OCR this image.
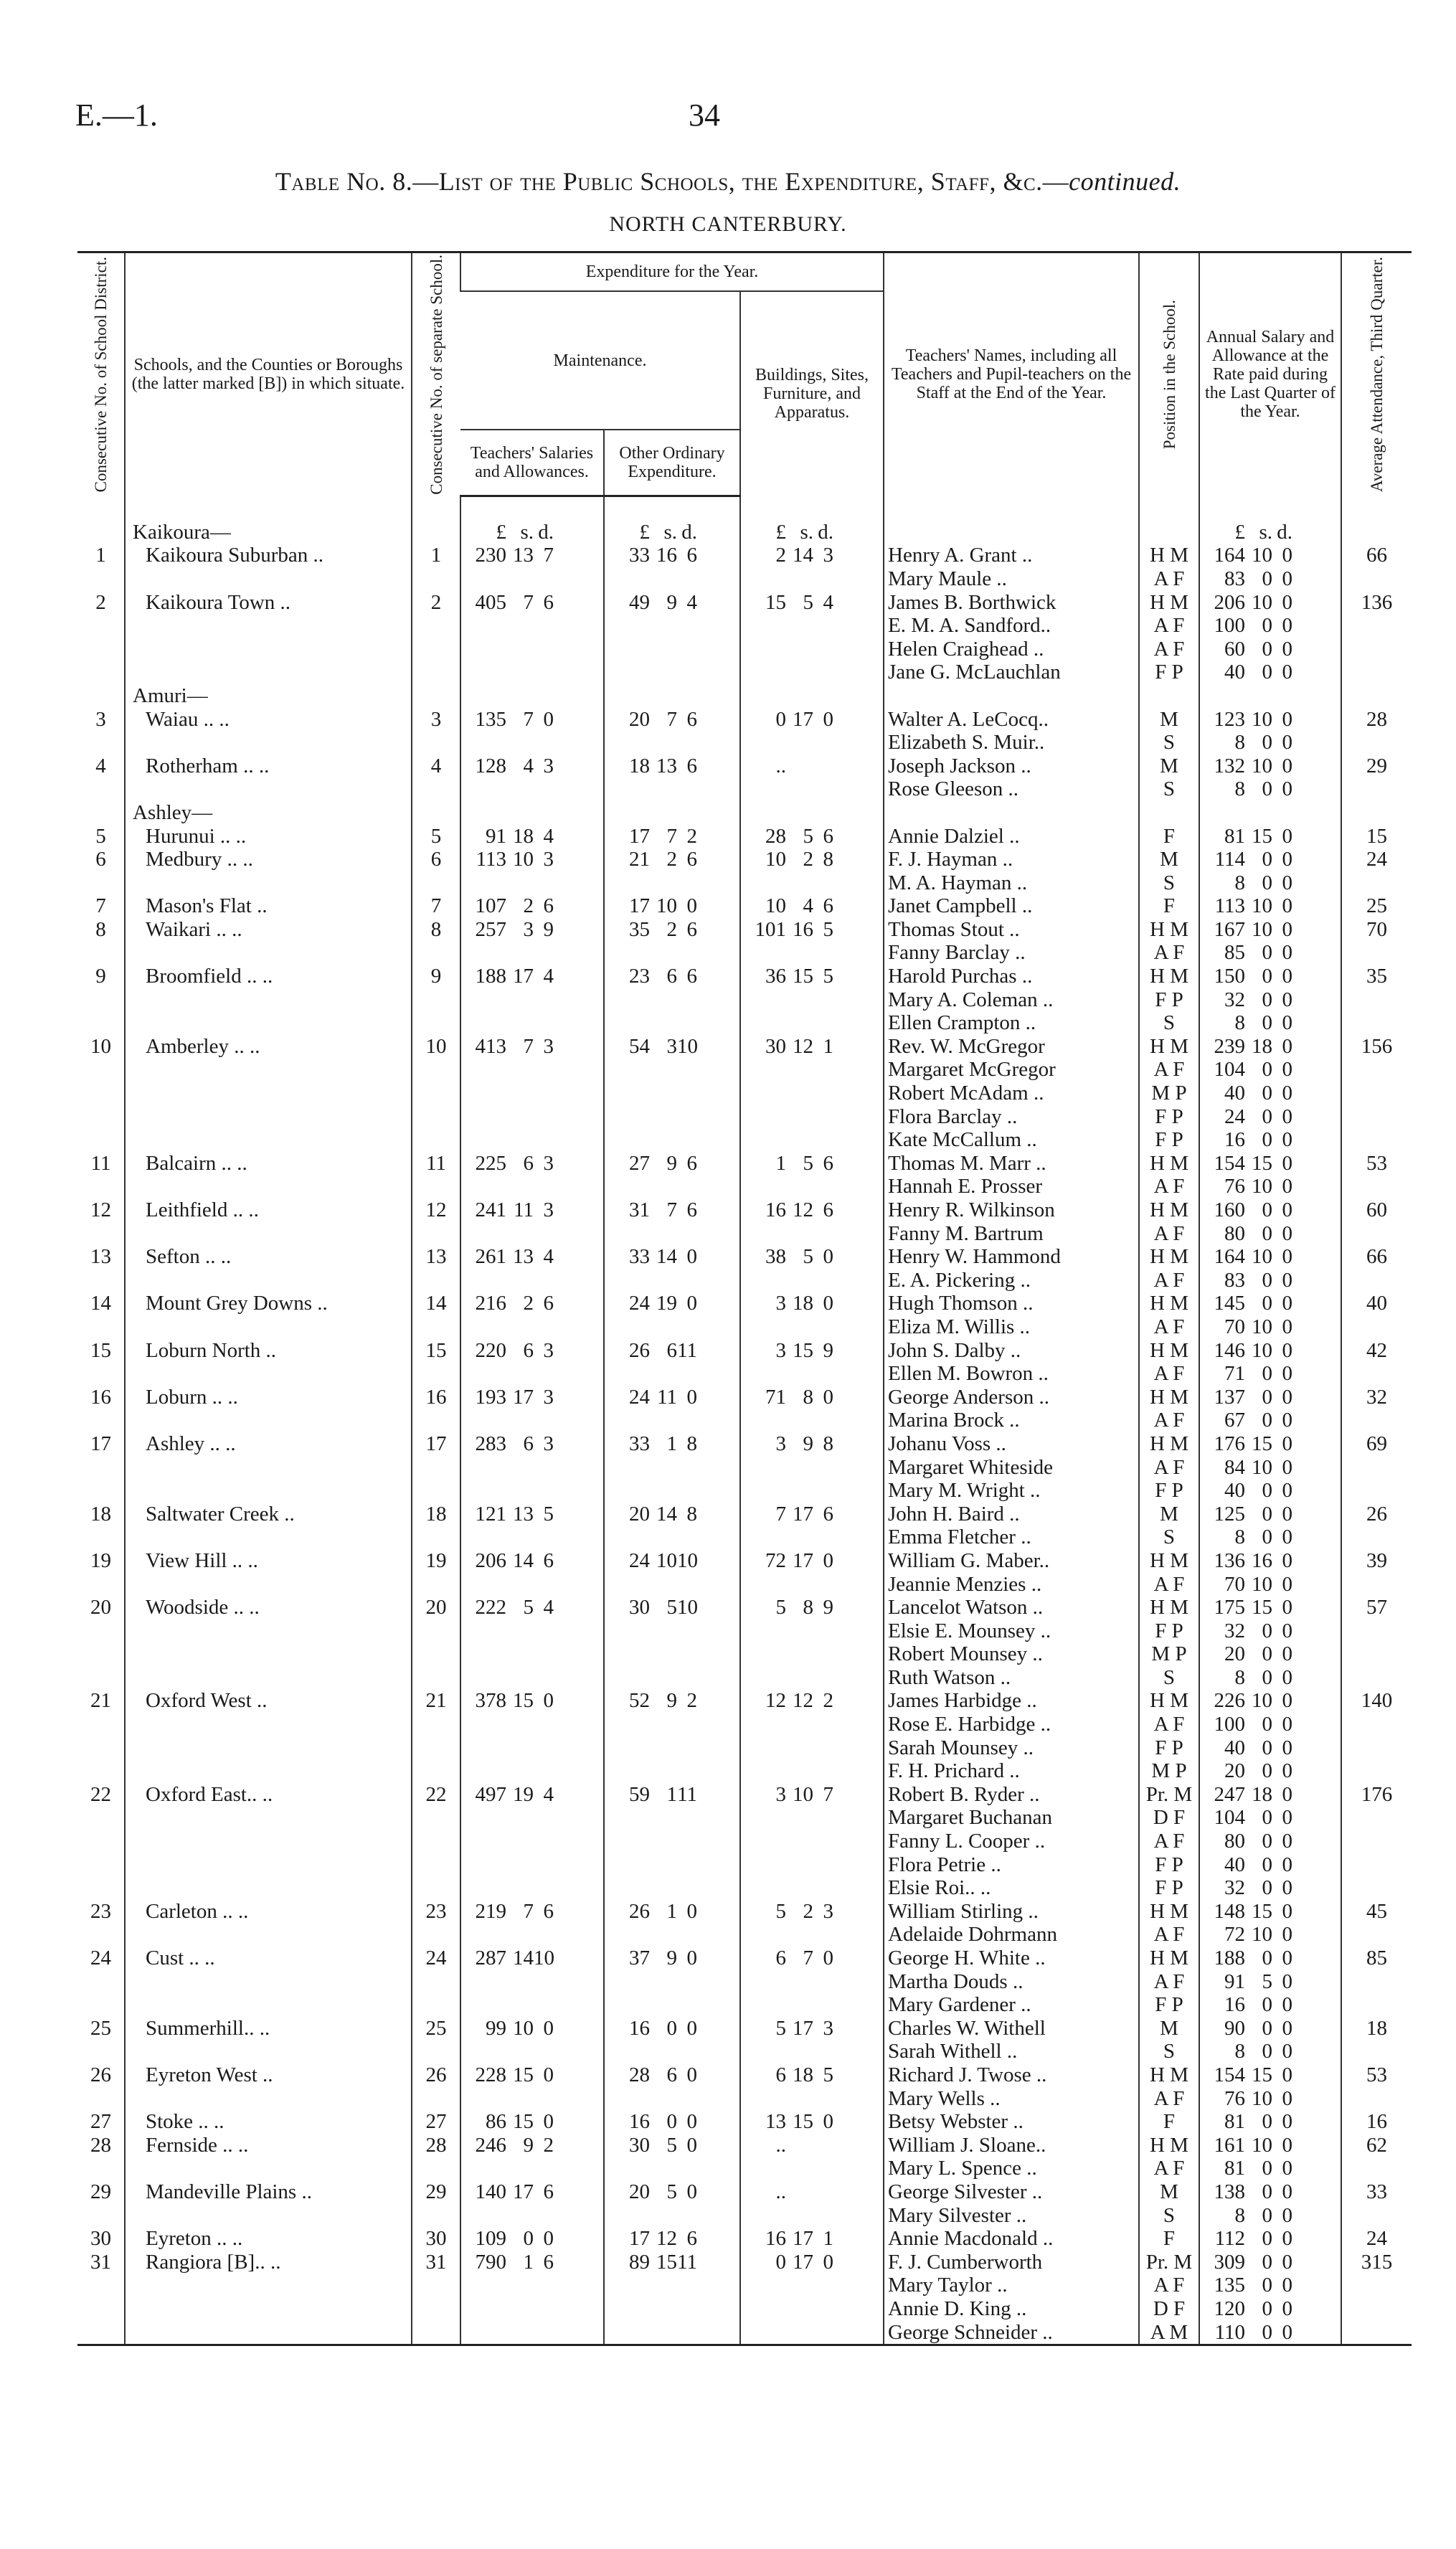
E.—1.	34
Table No. 8.—List of the Public Schools, the Expenditure, Staff, &c.—continued.
NORTH CANTERBURY.
Consecutive No. of School District.	Schools, and the Counties or Boroughs (the latter marked [B]) in which situate.	Consecutive No. of separate School.	Expenditure for the Year.			Teachers' Names, including all Teachers and Pupil-teachers on the Staff at the End of the Year.	Position in the School.	Annual Salary and Allowance at the Rate paid during the Last Quarter of the Year.	Average Attendance, Third Quarter.

			Maintenance.		Buildings, Sites, Furniture, and Apparatus.				
			Teachers' Salaries and Allowances.	Other Ordinary Expenditure.					

	Kaikoura—		£ s. d.	£ s. d.	£ s. d.			£ s. d.	
1	Kaikoura Suburban ..	1	230 13 7	33 16 6	2 14 3	Henry A. Grant ..	H M	164 10 0	66
						Mary Maule ..	A F	83 0 0	
2	Kaikoura Town ..	2	405 7 6	49 9 4	15 5 4	James B. Borthwick	H M	206 10 0	136
						E. M. A. Sandford..	A F	100 0 0	
						Helen Craighead ..	A F	60 0 0	
						Jane G. McLauchlan	F P	40 0 0	
	Amuri—								
3	Waiau .. ..	3	135 7 0	20 7 6	0 17 0	Walter A. LeCocq..	M	123 10 0	28
						Elizabeth S. Muir..	S	8 0 0	
4	Rotherham .. ..	4	128 4 3	18 13 6	..	Joseph Jackson ..	M	132 10 0	29
						Rose Gleeson ..	S	8 0 0	
	Ashley—								
5	Hurunui .. ..	5	91 18 4	17 7 2	28 5 6	Annie Dalziel ..	F	81 15 0	15
6	Medbury .. ..	6	113 10 3	21 2 6	10 2 8	F. J. Hayman ..	M	114 0 0	24
						M. A. Hayman ..	S	8 0 0	
7	Mason's Flat ..	7	107 2 6	17 10 0	10 4 6	Janet Campbell ..	F	113 10 0	25
8	Waikari .. ..	8	257 3 9	35 2 6	101 16 5	Thomas Stout ..	H M	167 10 0	70
						Fanny Barclay ..	A F	85 0 0	
9	Broomfield .. ..	9	188 17 4	23 6 6	36 15 5	Harold Purchas ..	H M	150 0 0	35
						Mary A. Coleman ..	F P	32 0 0	
						Ellen Crampton ..	S	8 0 0	
10	Amberley .. ..	10	413 7 3	54 310	30 12 1	Rev. W. McGregor	H M	239 18 0	156
						Margaret McGregor	A F	104 0 0	
						Robert McAdam ..	M P	40 0 0	
						Flora Barclay ..	F P	24 0 0	
						Kate McCallum ..	F P	16 0 0	
11	Balcairn .. ..	11	225 6 3	27 9 6	1 5 6	Thomas M. Marr ..	H M	154 15 0	53
						Hannah E. Prosser	A F	76 10 0	
12	Leithfield .. ..	12	241 11 3	31 7 6	16 12 6	Henry R. Wilkinson	H M	160 0 0	60
						Fanny M. Bartrum	A F	80 0 0	
13	Sefton .. ..	13	261 13 4	33 14 0	38 5 0	Henry W. Hammond	H M	164 10 0	66
						E. A. Pickering ..	A F	83 0 0	
14	Mount Grey Downs ..	14	216 2 6	24 19 0	3 18 0	Hugh Thomson ..	H M	145 0 0	40
						Eliza M. Willis ..	A F	70 10 0	
15	Loburn North ..	15	220 6 3	26 611	3 15 9	John S. Dalby ..	H M	146 10 0	42
						Ellen M. Bowron ..	A F	71 0 0	
16	Loburn .. ..	16	193 17 3	24 11 0	71 8 0	George Anderson ..	H M	137 0 0	32
						Marina Brock ..	A F	67 0 0	
17	Ashley .. ..	17	283 6 3	33 1 8	3 9 8	Johanu Voss ..	H M	176 15 0	69
						Margaret Whiteside	A F	84 10 0	
						Mary M. Wright ..	F P	40 0 0	
18	Saltwater Creek ..	18	121 13 5	20 14 8	7 17 6	John H. Baird ..	M	125 0 0	26
						Emma Fletcher ..	S	8 0 0	
19	View Hill .. ..	19	206 14 6	24 1010	72 17 0	William G. Maber..	H M	136 16 0	39
						Jeannie Menzies ..	A F	70 10 0	
20	Woodside .. ..	20	222 5 4	30 510	5 8 9	Lancelot Watson ..	H M	175 15 0	57
						Elsie E. Mounsey ..	F P	32 0 0	
						Robert Mounsey ..	M P	20 0 0	
						Ruth Watson ..	S	8 0 0	
21	Oxford West ..	21	378 15 0	52 9 2	12 12 2	James Harbidge ..	H M	226 10 0	140
						Rose E. Harbidge ..	A F	100 0 0	
						Sarah Mounsey ..	F P	40 0 0	
						F. H. Prichard ..	M P	20 0 0	
22	Oxford East.. ..	22	497 19 4	59 111	3 10 7	Robert B. Ryder ..	Pr. M	247 18 0	176
						Margaret Buchanan	D F	104 0 0	
						Fanny L. Cooper ..	A F	80 0 0	
						Flora Petrie ..	F P	40 0 0	
						Elsie Roi.. ..	F P	32 0 0	
23	Carleton .. ..	23	219 7 6	26 1 0	5 2 3	William Stirling ..	H M	148 15 0	45
						Adelaide Dohrmann	A F	72 10 0	
24	Cust .. ..	24	287 1410	37 9 0	6 7 0	George H. White ..	H M	188 0 0	85
						Martha Douds ..	A F	91 5 0	
						Mary Gardener ..	F P	16 0 0	
25	Summerhill.. ..	25	99 10 0	16 0 0	5 17 3	Charles W. Withell	M	90 0 0	18
						Sarah Withell ..	S	8 0 0	
26	Eyreton West ..	26	228 15 0	28 6 0	6 18 5	Richard J. Twose ..	H M	154 15 0	53
						Mary Wells ..	A F	76 10 0	
27	Stoke .. ..	27	86 15 0	16 0 0	13 15 0	Betsy Webster ..	F	81 0 0	16
28	Fernside .. ..	28	246 9 2	30 5 0	..	William J. Sloane..	H M	161 10 0	62
						Mary L. Spence ..	A F	81 0 0	
29	Mandeville Plains ..	29	140 17 6	20 5 0	..	George Silvester ..	M	138 0 0	33
						Mary Silvester ..	S	8 0 0	
30	Eyreton .. ..	30	109 0 0	17 12 6	16 17 1	Annie Macdonald ..	F	112 0 0	24
31	Rangiora [B].. ..	31	790 1 6	89 1511	0 17 0	F. J. Cumberworth	Pr. M	309 0 0	315
						Mary Taylor ..	A F	135 0 0	
						Annie D. King ..	D F	120 0 0	
						George Schneider ..	A M	110 0 0	
